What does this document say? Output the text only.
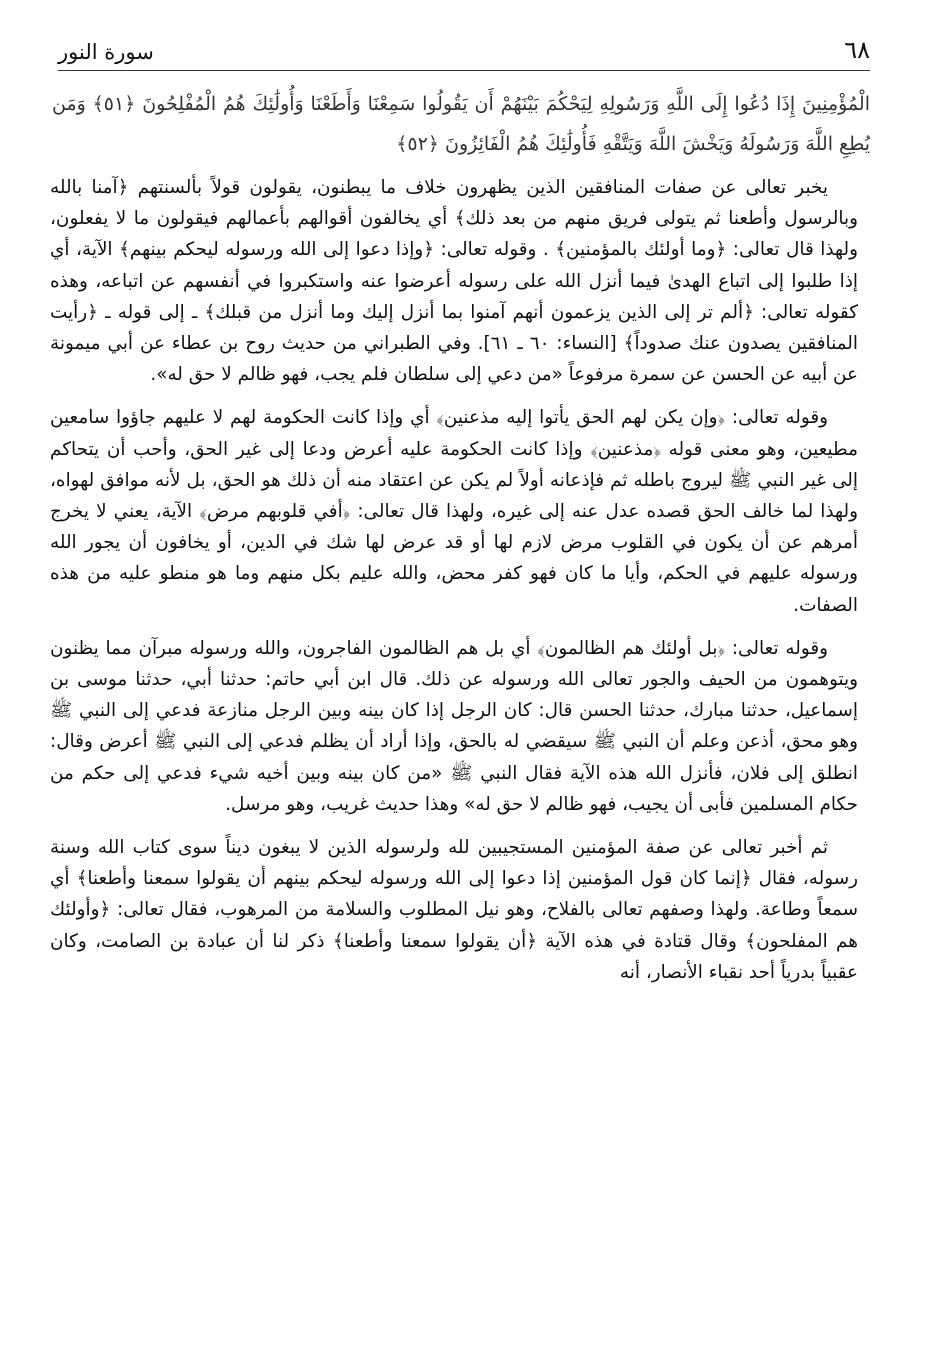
سورة النور	٦٨
الْمُؤْمِنِينَ إِذَا دُعُوا إِلَى اللَّهِ وَرَسُولِهِ لِيَحْكُمَ بَيْنَهُمْ أَن يَقُولُوا سَمِعْنَا وَأَطَعْنَا وَأُولَٰئِكَ هُمُ الْمُفْلِحُونَ ﴿٥١﴾ وَمَن يُطِعِ اللَّهَ وَرَسُولَهُ وَيَخْشَ اللَّهَ وَيَتَّقْهِ فَأُولَٰئِكَ هُمُ الْفَائِزُونَ ﴿٥٢﴾

يخبر تعالى عن صفات المنافقين الذين يظهرون خلاف ما يبطنون، يقولون قولاً بألسنتهم ﴿آمنا بالله وبالرسول وأطعنا ثم يتولى فريق منهم من بعد ذلك﴾ أي يخالفون أقوالهم بأعمالهم فيقولون ما لا يفعلون، ولهذا قال تعالى: ﴿وما أولئك بالمؤمنين﴾ . وقوله تعالى: ﴿وإذا دعوا إلى الله ورسوله ليحكم بينهم﴾ الآية، أي إذا طلبوا إلى اتباع الهدىٰ فيما أنزل الله على رسوله أعرضوا عنه واستكبروا في أنفسهم عن اتباعه، وهذه كقوله تعالى: ﴿ألم تر إلى الذين يزعمون أنهم آمنوا بما أنزل إليك وما أنزل من قبلك﴾ ـ إلى قوله ـ ﴿رأيت المنافقين يصدون عنك صدوداً﴾ [النساء: ٦٠ ـ ٦١]. وفي الطبراني من حديث روح بن عطاء عن أبي ميمونة عن أبيه عن الحسن عن سمرة مرفوعاً «من دعي إلى سلطان فلم يجب، فهو ظالم لا حق له».

وقوله تعالى: ﴿وإن يكن لهم الحق يأتوا إليه مذعنين﴾ أي وإذا كانت الحكومة لهم لا عليهم جاؤوا سامعين مطيعين، وهو معنى قوله ﴿مذعنين﴾ وإذا كانت الحكومة عليه أعرض ودعا إلى غير الحق، وأحب أن يتحاكم إلى غير النبي ﷺ ليروج باطله ثم فإذعانه أولاً لم يكن عن اعتقاد منه أن ذلك هو الحق، بل لأنه موافق لهواه، ولهذا لما خالف الحق قصده عدل عنه إلى غيره، ولهذا قال تعالى: ﴿أفي قلوبهم مرض﴾ الآية، يعني لا يخرج أمرهم عن أن يكون في القلوب مرض لازم لها أو قد عرض لها شك في الدين، أو يخافون أن يجور الله ورسوله عليهم في الحكم، وأيا ما كان فهو كفر محض، والله عليم بكل منهم وما هو منطو عليه من هذه الصفات.

وقوله تعالى: ﴿بل أولئك هم الظالمون﴾ أي بل هم الظالمون الفاجرون، والله ورسوله مبرآن مما يظنون ويتوهمون من الحيف والجور تعالى الله ورسوله عن ذلك. قال ابن أبي حاتم: حدثنا أبي، حدثنا موسى بن إسماعيل، حدثنا مبارك، حدثنا الحسن قال: كان الرجل إذا كان بينه وبين الرجل منازعة فدعي إلى النبي ﷺ وهو محق، أذعن وعلم أن النبي ﷺ سيقضي له بالحق، وإذا أراد أن يظلم فدعي إلى النبي ﷺ أعرض وقال: انطلق إلى فلان، فأنزل الله هذه الآية فقال النبي ﷺ «من كان بينه وبين أخيه شيء فدعي إلى حكم من حكام المسلمين فأبى أن يجيب، فهو ظالم لا حق له» وهذا حديث غريب، وهو مرسل.

ثم أخبر تعالى عن صفة المؤمنين المستجيبين لله ولرسوله الذين لا يبغون ديناً سوى كتاب الله وسنة رسوله، فقال ﴿إنما كان قول المؤمنين إذا دعوا إلى الله ورسوله ليحكم بينهم أن يقولوا سمعنا وأطعنا﴾ أي سمعاً وطاعة. ولهذا وصفهم تعالى بالفلاح، وهو نيل المطلوب والسلامة من المرهوب، فقال تعالى: ﴿وأولئك هم المفلحون﴾ وقال قتادة في هذه الآية ﴿أن يقولوا سمعنا وأطعنا﴾ ذكر لنا أن عبادة بن الصامت، وكان عقبياً بدرياً أحد نقباء الأنصار، أنه
